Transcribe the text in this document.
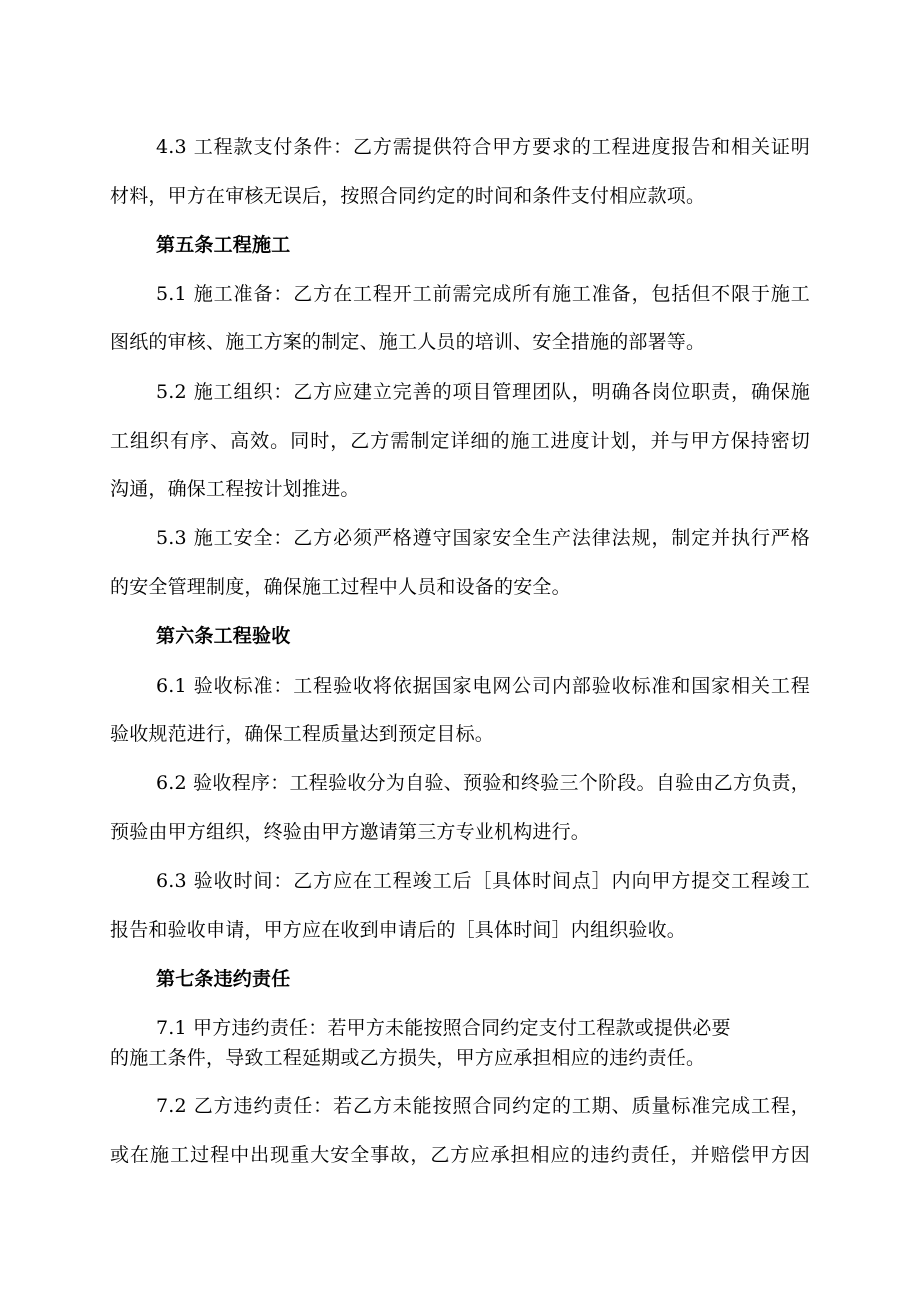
4.3 工程款支付条件：乙方需提供符合甲方要求的工程进度报告和相关证明
材料，甲方在审核无误后，按照合同约定的时间和条件支付相应款项。
第五条工程施工
5.1 施工准备：乙方在工程开工前需完成所有施工准备，包括但不限于施工
图纸的审核、施工方案的制定、施工人员的培训、安全措施的部署等。
5.2 施工组织：乙方应建立完善的项目管理团队，明确各岗位职责，确保施
工组织有序、高效。同时，乙方需制定详细的施工进度计划，并与甲方保持密切
沟通，确保工程按计划推进。
5.3 施工安全：乙方必须严格遵守国家安全生产法律法规，制定并执行严格
的安全管理制度，确保施工过程中人员和设备的安全。
第六条工程验收
6.1 验收标准：工程验收将依据国家电网公司内部验收标准和国家相关工程
验收规范进行，确保工程质量达到预定目标。
6.2 验收程序：工程验收分为自验、预验和终验三个阶段。自验由乙方负责，
预验由甲方组织，终验由甲方邀请第三方专业机构进行。
6.3 验收时间：乙方应在工程竣工后［具体时间点］内向甲方提交工程竣工
报告和验收申请，甲方应在收到申请后的［具体时间］内组织验收。
第七条违约责任
7.1 甲方违约责任：若甲方未能按照合同约定支付工程款或提供必要
的施工条件，导致工程延期或乙方损失，甲方应承担相应的违约责任。
7.2 乙方违约责任：若乙方未能按照合同约定的工期、质量标准完成工程，
或在施工过程中出现重大安全事故，乙方应承担相应的违约责任，并赔偿甲方因
